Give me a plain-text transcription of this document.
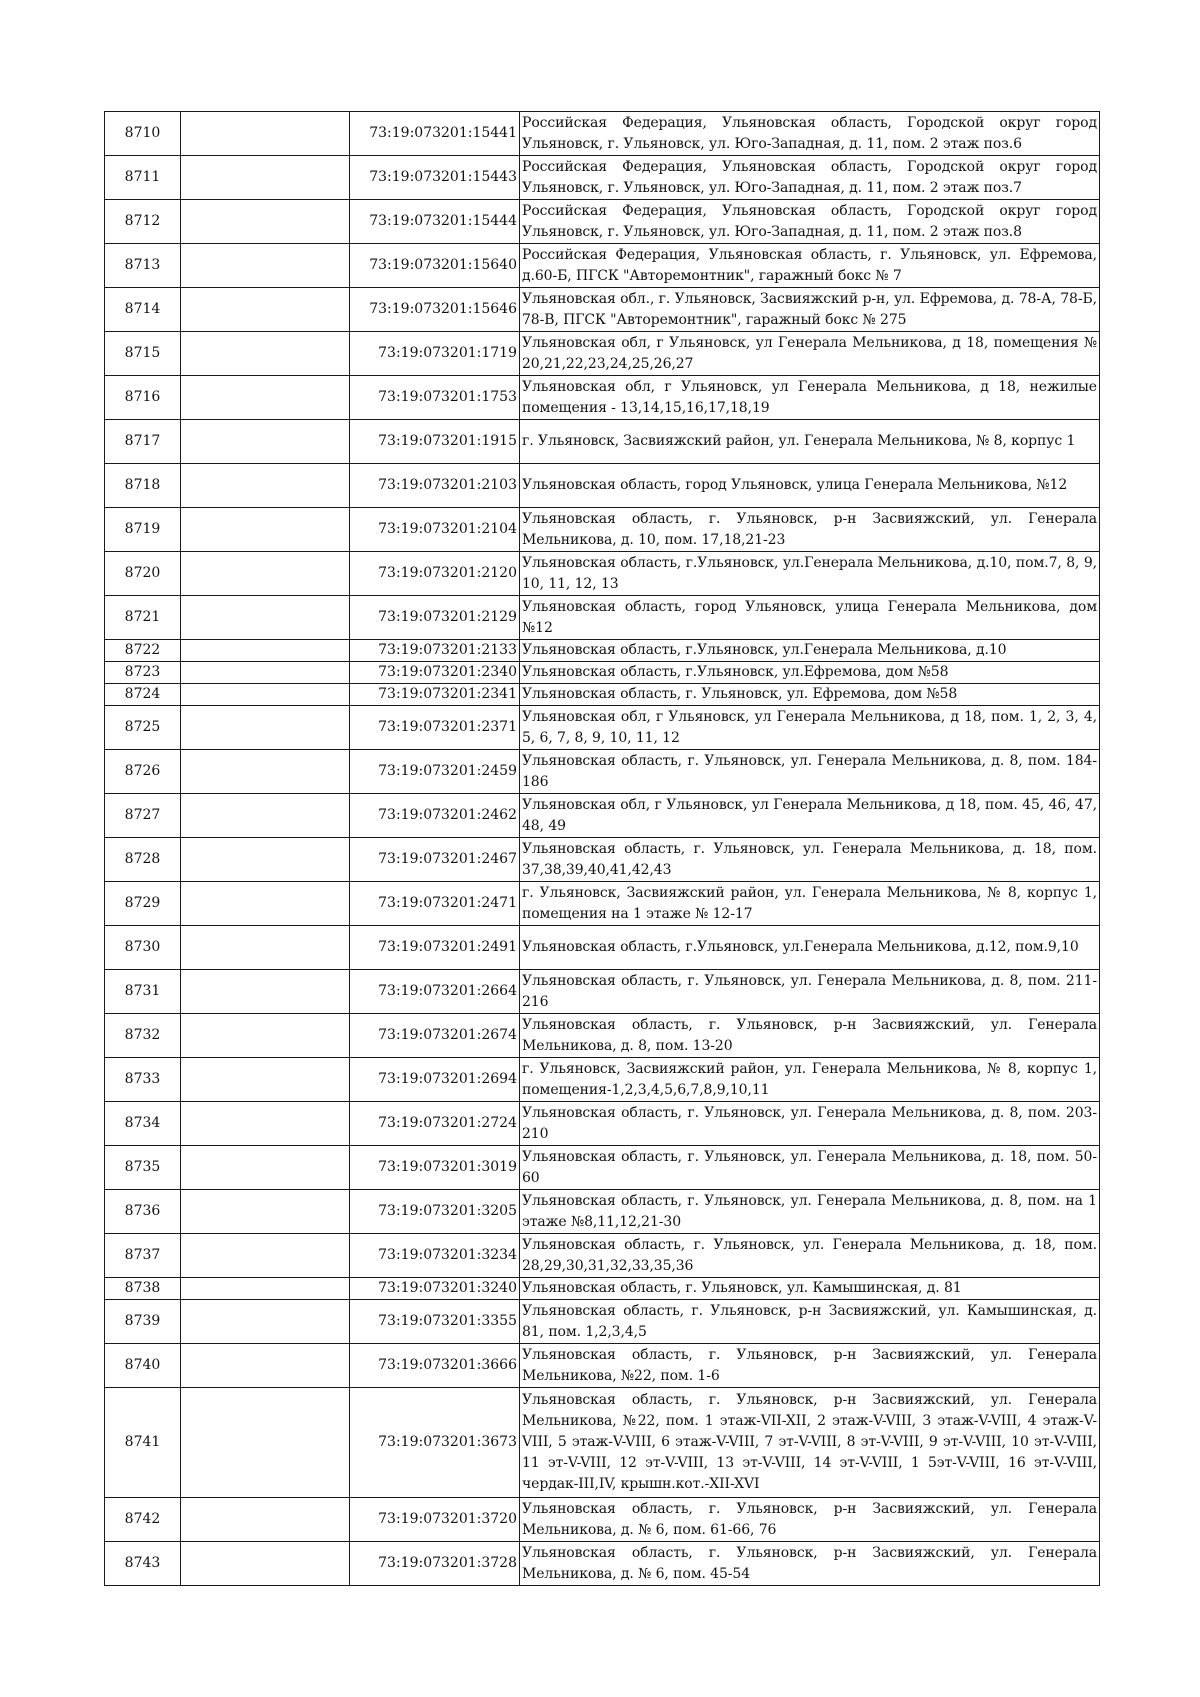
8710		73:19:073201:15441	Российская Федерация, Ульяновская область, Городской округ город Ульяновск, г. Ульяновск, ул. Юго-Западная, д. 11, пом. 2 этаж поз.6
8711		73:19:073201:15443	Российская Федерация, Ульяновская область, Городской округ город Ульяновск, г. Ульяновск, ул. Юго-Западная, д. 11, пом. 2 этаж поз.7
8712		73:19:073201:15444	Российская Федерация, Ульяновская область, Городской округ город Ульяновск, г. Ульяновск, ул. Юго-Западная, д. 11, пом. 2 этаж поз.8
8713		73:19:073201:15640	Российская Федерация, Ульяновская область, г. Ульяновск, ул. Ефремова, д.60-Б, ПГСК "Авторемонтник", гаражный бокс № 7
8714		73:19:073201:15646	Ульяновская обл., г. Ульяновск, Засвияжский р-н, ул. Ефремова, д. 78-А, 78-Б, 78-В, ПГСК "Авторемонтник", гаражный бокс № 275
8715		73:19:073201:1719	Ульяновская обл, г Ульяновск, ул Генерала Мельникова, д 18, помещения № 20,21,22,23,24,25,26,27
8716		73:19:073201:1753	Ульяновская обл, г Ульяновск, ул Генерала Мельникова, д 18, нежилые помещения - 13,14,15,16,17,18,19
8717		73:19:073201:1915	г. Ульяновск, Засвияжский район, ул. Генерала Мельникова, № 8, корпус 1
8718		73:19:073201:2103	Ульяновская область, город Ульяновск, улица Генерала Мельникова, №12
8719		73:19:073201:2104	Ульяновская область, г. Ульяновск, р-н Засвияжский, ул. Генерала Мельникова, д. 10, пом. 17,18,21-23
8720		73:19:073201:2120	Ульяновская область, г.Ульяновск, ул.Генерала Мельникова, д.10, пом.7, 8, 9, 10, 11, 12, 13
8721		73:19:073201:2129	Ульяновская область, город Ульяновск, улица Генерала Мельникова, дом №12
8722		73:19:073201:2133	Ульяновская область, г.Ульяновск, ул.Генерала Мельникова, д.10
8723		73:19:073201:2340	Ульяновская область, г.Ульяновск, ул.Ефремова, дом №58
8724		73:19:073201:2341	Ульяновская область, г. Ульяновск, ул. Ефремова, дом №58
8725		73:19:073201:2371	Ульяновская обл, г Ульяновск, ул Генерала Мельникова, д 18, пом. 1, 2, 3, 4, 5, 6, 7, 8, 9, 10, 11, 12
8726		73:19:073201:2459	Ульяновская область, г. Ульяновск, ул. Генерала Мельникова, д. 8, пом. 184-186
8727		73:19:073201:2462	Ульяновская обл, г Ульяновск, ул Генерала Мельникова, д 18, пом. 45, 46, 47, 48, 49
8728		73:19:073201:2467	Ульяновская область, г. Ульяновск, ул. Генерала Мельникова, д. 18, пом. 37,38,39,40,41,42,43
8729		73:19:073201:2471	г. Ульяновск, Засвияжский район, ул. Генерала Мельникова, № 8, корпус 1, помещения на 1 этаже № 12-17
8730		73:19:073201:2491	Ульяновская область, г.Ульяновск, ул.Генерала Мельникова, д.12, пом.9,10
8731		73:19:073201:2664	Ульяновская область, г. Ульяновск, ул. Генерала Мельникова, д. 8, пом. 211-216
8732		73:19:073201:2674	Ульяновская область, г. Ульяновск, р-н Засвияжский, ул. Генерала Мельникова, д. 8, пом. 13-20
8733		73:19:073201:2694	г. Ульяновск, Засвияжский район, ул. Генерала Мельникова, № 8, корпус 1, помещения-1,2,3,4,5,6,7,8,9,10,11
8734		73:19:073201:2724	Ульяновская область, г. Ульяновск, ул. Генерала Мельникова, д. 8, пом. 203-210
8735		73:19:073201:3019	Ульяновская область, г. Ульяновск, ул. Генерала Мельникова, д. 18, пом. 50-60
8736		73:19:073201:3205	Ульяновская область, г. Ульяновск, ул. Генерала Мельникова, д. 8, пом. на 1 этаже №8,11,12,21-30
8737		73:19:073201:3234	Ульяновская область, г. Ульяновск, ул. Генерала Мельникова, д. 18, пом. 28,29,30,31,32,33,35,36
8738		73:19:073201:3240	Ульяновская область, г. Ульяновск, ул. Камышинская, д. 81
8739		73:19:073201:3355	Ульяновская область, г. Ульяновск, р-н Засвияжский, ул. Камышинская, д. 81, пом. 1,2,3,4,5
8740		73:19:073201:3666	Ульяновская область, г. Ульяновск, р-н Засвияжский, ул. Генерала Мельникова, №22, пом. 1-6
8741		73:19:073201:3673	Ульяновская область, г. Ульяновск, р-н Засвияжский, ул. Генерала Мельникова, №22, пом. 1 этаж-VII-XII, 2 этаж-V-VIII, 3 этаж-V-VIII, 4 этаж-V-VIII, 5 этаж-V-VIII, 6 этаж-V-VIII, 7 эт-V-VIII, 8 эт-V-VIII, 9 эт-V-VIII, 10 эт-V-VIII, 11 эт-V-VIII, 12 эт-V-VIII, 13 эт-V-VIII, 14 эт-V-VIII, 1 5эт-V-VIII, 16 эт-V-VIII, чердак-III,IV, крышн.кот.-XII-XVI
8742		73:19:073201:3720	Ульяновская область, г. Ульяновск, р-н Засвияжский, ул. Генерала Мельникова, д. № 6, пом. 61-66, 76
8743		73:19:073201:3728	Ульяновская область, г. Ульяновск, р-н Засвияжский, ул. Генерала Мельникова, д. № 6, пом. 45-54
